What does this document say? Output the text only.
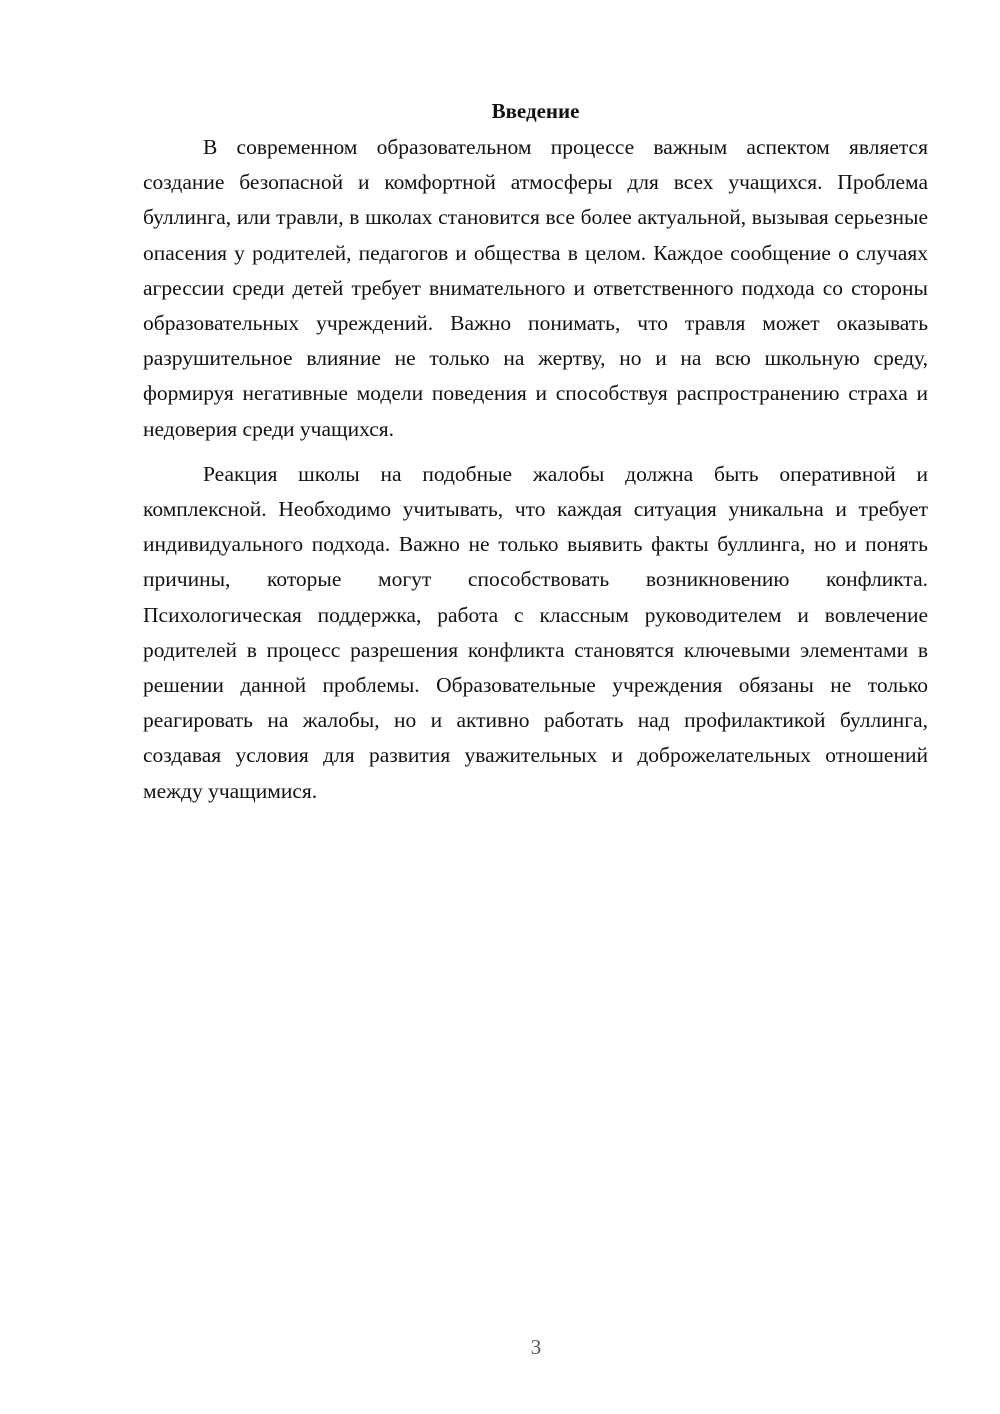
Введение

В современном образовательном процессе важным аспектом является создание безопасной и комфортной атмосферы для всех учащихся. Проблема буллинга, или травли, в школах становится все более актуальной, вызывая серьезные опасения у родителей, педагогов и общества в целом. Каждое сообщение о случаях агрессии среди детей требует внимательного и ответственного подхода со стороны образовательных учреждений. Важно понимать, что травля может оказывать разрушительное влияние не только на жертву, но и на всю школьную среду, формируя негативные модели поведения и способствуя распространению страха и недоверия среди учащихся.

Реакция школы на подобные жалобы должна быть оперативной и комплексной. Необходимо учитывать, что каждая ситуация уникальна и требует индивидуального подхода. Важно не только выявить факты буллинга, но и понять причины, которые могут способствовать возникновению конфликта. Психологическая поддержка, работа с классным руководителем и вовлечение родителей в процесс разрешения конфликта становятся ключевыми элементами в решении данной проблемы. Образовательные учреждения обязаны не только реагировать на жалобы, но и активно работать над профилактикой буллинга, создавая условия для развития уважительных и доброжелательных отношений между учащимися.

3
